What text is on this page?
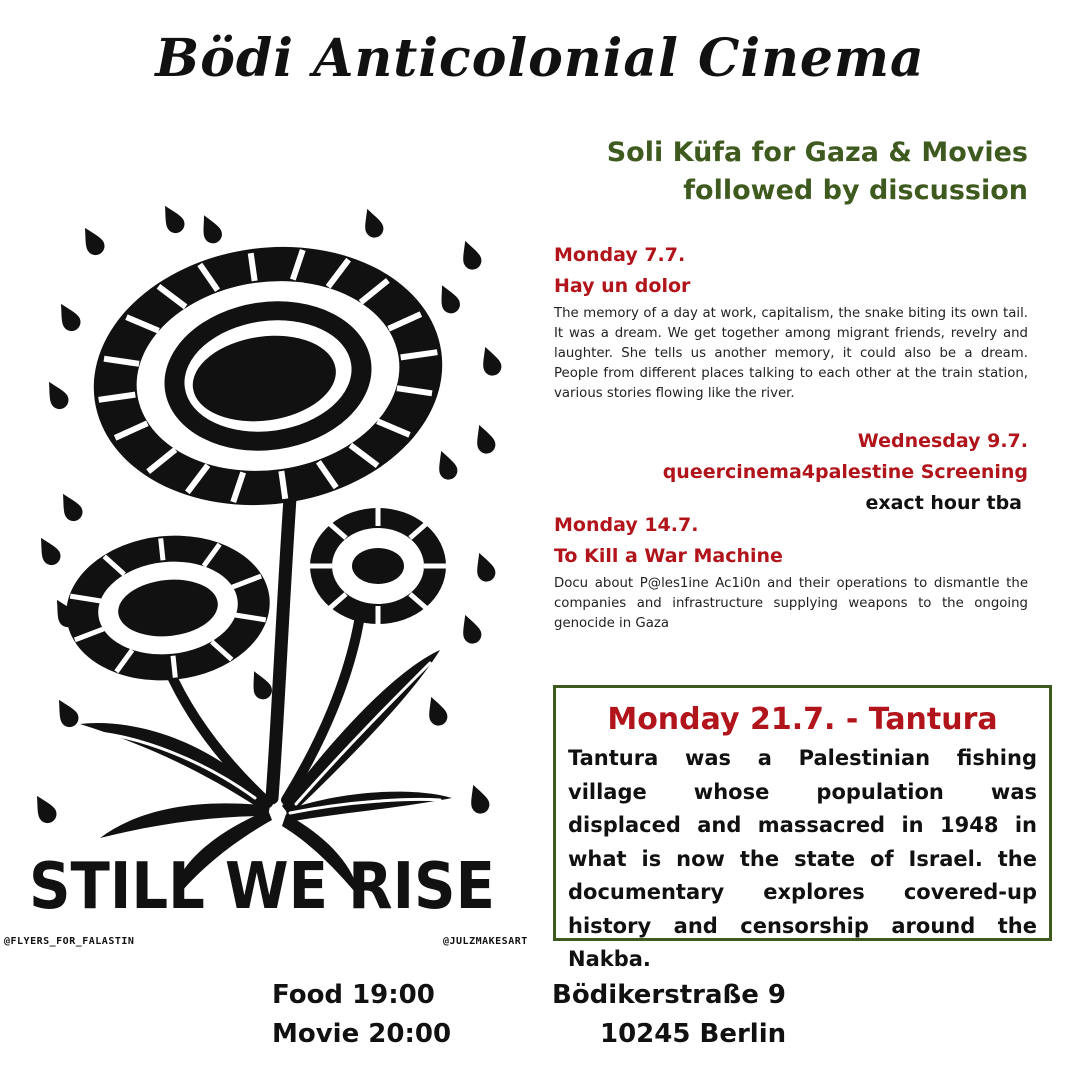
Bödi Anticolonial Cinema
Soli Küfa for Gaza & Movies
followed by discussion
STILL WE RISE
@FLYERS_FOR_FALASTIN	@JULZMAKESART
Monday 7.7.
Hay un dolor
The memory of a day at work, capitalism, the snake biting its own tail. It was a dream. We get together among migrant friends, revelry and laughter. She tells us another memory, it could also be a dream. People from different places talking to each other at the train station, various stories flowing like the river.
Wednesday 9.7.
queercinema4palestine Screening
exact hour tba
Monday 14.7.
To Kill a War Machine
Docu about P@les1ine Ac1i0n and their operations to dismantle the companies and infrastructure supplying weapons to the ongoing genocide in Gaza
Monday 21.7. - Tantura
Tantura was a Palestinian fishing village whose population was displaced and massacred in 1948 in what is now the state of Israel. the documentary explores covered-up history and censorship around the Nakba.
Food 19:00
Movie 20:00
Bödikerstraße 9
10245 Berlin
